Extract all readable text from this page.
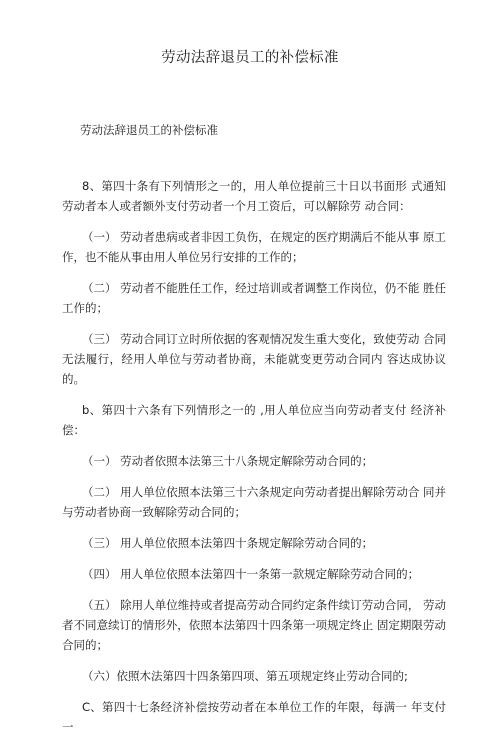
劳动法辞退员工的补偿标准

劳动法辞退员工的补偿标准

8、第四十条有下列情形之一的，用人单位提前三十日以书面形 式通知劳动者本人或者额外支付劳动者一个月工资后，可以解除劳 动合同：

（一） 劳动者患病或者非因工负伤，在规定的医疗期满后不能从事 原工作，也不能从事由用人单位另行安排的工作的；

（二） 劳动者不能胜任工作，经过培训或者调整工作岗位，仍不能 胜任工作的；

（三） 劳动合同订立时所依据的客观情况发生重大变化，致使劳动 合同无法履行，经用人单位与劳动者协商，未能就变更劳动合同内 容达成协议的。

b、第四十六条有下列情形之一的 ,用人单位应当向劳动者支付 经济补偿：

（一） 劳动者依照本法第三十八条规定解除劳动合同的；

（二） 用人单位依照本法第三十六条规定向劳动者提出解除劳动合 同并与劳动者协商一致解除劳动合同的；

（三） 用人单位依照本法第四十条规定解除劳动合同的；

（四） 用人单位依照本法第四十一条第一款规定解除劳动合同的；

（五） 除用人单位维持或者提高劳动合同约定条件续订劳动合同， 劳动者不同意续订的情形外，依照本法第四十四条第一项规定终止 固定期限劳动合同的；

（六）依照木法第四十四条第四项、第五项规定终止劳动合同的;

C、第四十七条经济补偿按劳动者在本单位工作的年限，每满一 年支付一
